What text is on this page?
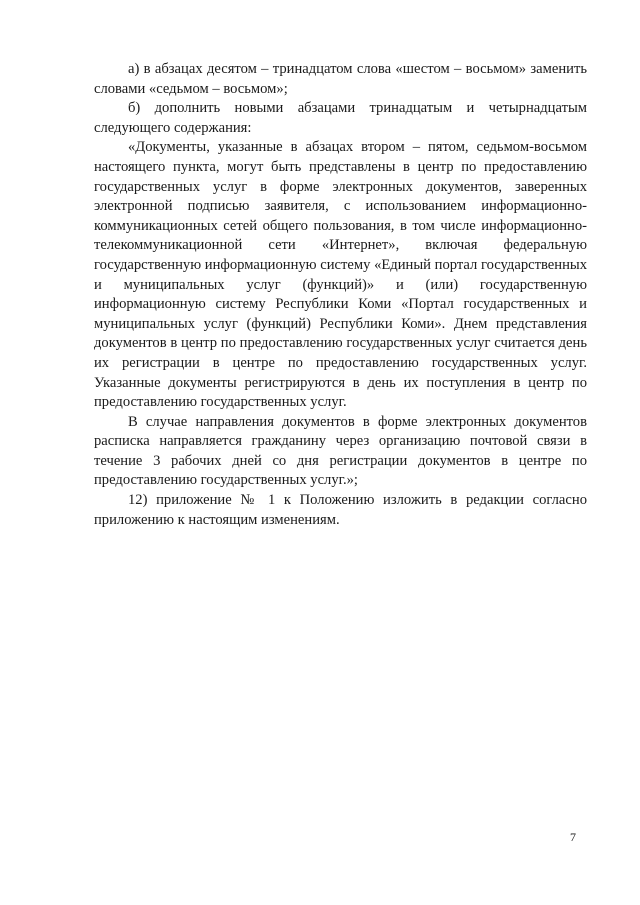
а) в абзацах десятом – тринадцатом слова «шестом – восьмом» заменить словами «седьмом – восьмом»;

б) дополнить новыми абзацами тринадцатым и четырнадцатым следующего содержания:

«Документы, указанные в абзацах втором – пятом, седьмом-восьмом настоящего пункта, могут быть представлены в центр по предоставлению государственных услуг в форме электронных документов, заверенных электронной подписью заявителя, с использованием информационно-коммуникационных сетей общего пользования, в том числе информационно-телекоммуникационной сети «Интернет», включая федеральную государственную информационную систему «Единый портал государственных и муниципальных услуг (функций)» и (или) государственную информационную систему Республики Коми «Портал государственных и муниципальных услуг (функций) Республики Коми». Днем представления документов в центр по предоставлению государственных услуг считается день их регистрации в центре по предоставлению государственных услуг. Указанные документы регистрируются в день их поступления в центр по предоставлению государственных услуг.

В случае направления документов в форме электронных документов расписка направляется гражданину через организацию почтовой связи в течение 3 рабочих дней со дня регистрации документов в центре по предоставлению государственных услуг.»;

12) приложение № 1 к Положению изложить в редакции согласно приложению к настоящим изменениям.

7
